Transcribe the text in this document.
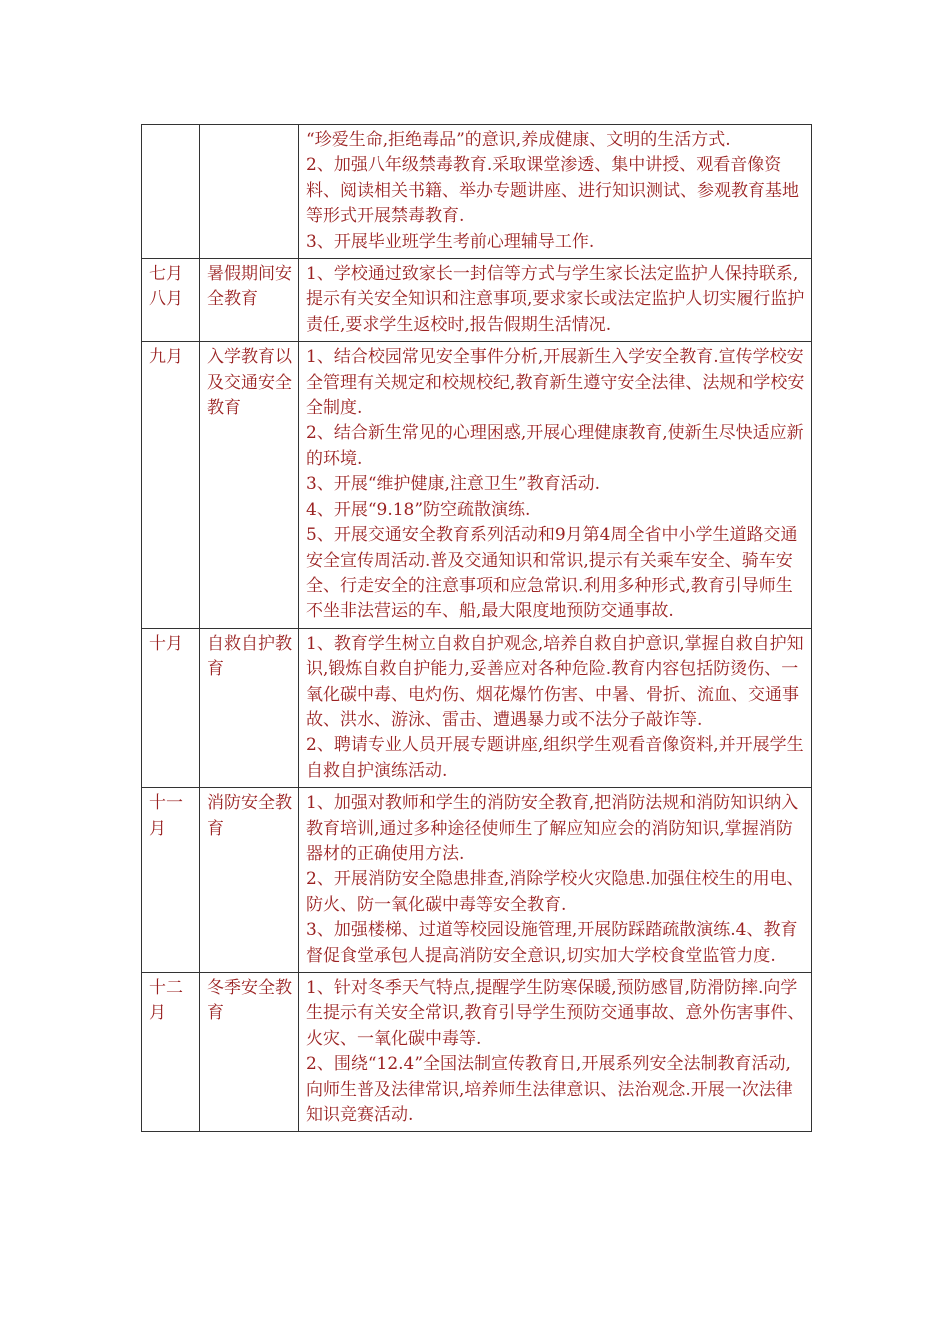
		“珍爱生命,拒绝毒品”的意识,养成健康、文明的生活方式.
2、加强八年级禁毒教育.采取课堂渗透、集中讲授、观看音像资料、阅读相关书籍、举办专题讲座、进行知识测试、参观教育基地等形式开展禁毒教育.
3、开展毕业班学生考前心理辅导工作.

七月八月	暑假期间安全教育	1、学校通过致家长一封信等方式与学生家长法定监护人保持联系,提示有关安全知识和注意事项,要求家长或法定监护人切实履行监护责任,要求学生返校时,报告假期生活情况.

九月	入学教育以及交通安全教育	1、结合校园常见安全事件分析,开展新生入学安全教育.宣传学校安全管理有关规定和校规校纪,教育新生遵守安全法律、法规和学校安全制度.
2、结合新生常见的心理困惑,开展心理健康教育,使新生尽快适应新的环境.
3、开展“维护健康,注意卫生”教育活动.
4、开展“9.18”防空疏散演练.
5、开展交通安全教育系列活动和9月第4周全省中小学生道路交通安全宣传周活动.普及交通知识和常识,提示有关乘车安全、骑车安全、行走安全的注意事项和应急常识.利用多种形式,教育引导师生不坐非法营运的车、船,最大限度地预防交通事故.

十月	自救自护教育	1、教育学生树立自救自护观念,培养自救自护意识,掌握自救自护知识,锻炼自救自护能力,妥善应对各种危险.教育内容包括防烫伤、一氧化碳中毒、电灼伤、烟花爆竹伤害、中暑、骨折、流血、交通事故、洪水、游泳、雷击、遭遇暴力或不法分子敲诈等.
2、聘请专业人员开展专题讲座,组织学生观看音像资料,并开展学生自救自护演练活动.

十一月	消防安全教育	1、加强对教师和学生的消防安全教育,把消防法规和消防知识纳入教育培训,通过多种途径使师生了解应知应会的消防知识,掌握消防器材的正确使用方法.
2、开展消防安全隐患排查,消除学校火灾隐患.加强住校生的用电、防火、防一氧化碳中毒等安全教育.
3、加强楼梯、过道等校园设施管理,开展防踩踏疏散演练.4、教育督促食堂承包人提高消防安全意识,切实加大学校食堂监管力度.

十二月	冬季安全教育	1、针对冬季天气特点,提醒学生防寒保暖,预防感冒,防滑防摔.向学生提示有关安全常识,教育引导学生预防交通事故、意外伤害事件、火灾、一氧化碳中毒等.
2、围绕“12.4”全国法制宣传教育日,开展系列安全法制教育活动,向师生普及法律常识,培养师生法律意识、法治观念.开展一次法律知识竞赛活动.
